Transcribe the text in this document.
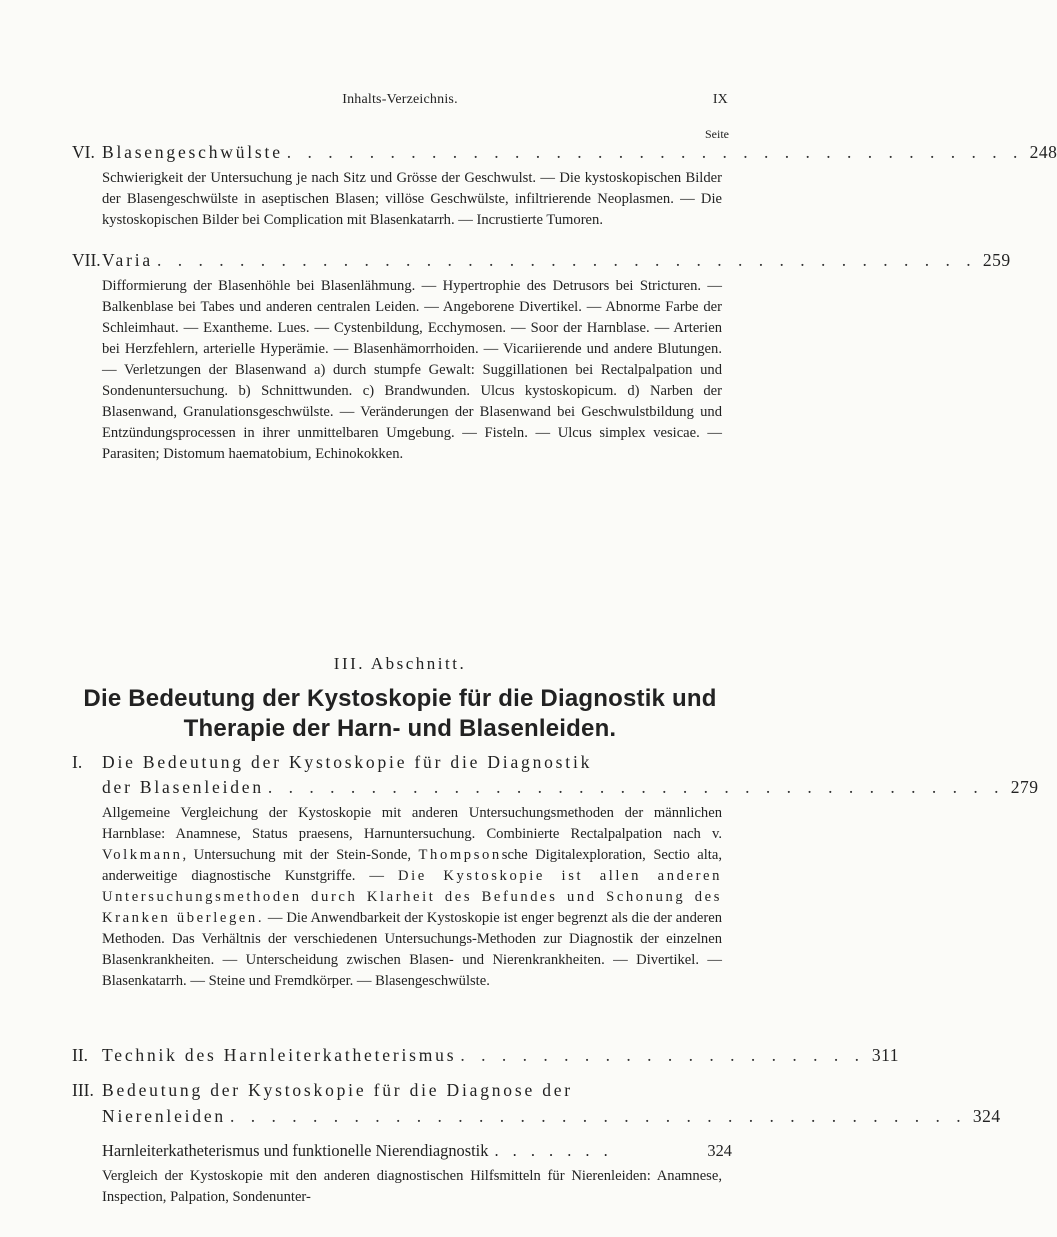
Inhalts-Verzeichnis.	IX
Seite
VI. Blasengeschwülste . . . . . . . . . . . . . . . . . . . . . . . . . . . . . . . . . . . . 248

Schwierigkeit der Untersuchung je nach Sitz und Grösse der Geschwulst. — Die kystoskopischen Bilder der Blasengeschwülste in aseptischen Blasen; villöse Geschwülste, infiltrierende Neoplasmen. — Die kystoskopischen Bilder bei Complication mit Blasenkatarrh. — Incrustierte Tumoren.

VII. Varia . . . . . . . . . . . . . . . . . . . . . . . . . . . . . . . . . . . . . . . . 259

Difformierung der Blasenhöhle bei Blasenlähmung. — Hypertrophie des Detrusors bei Stricturen. — Balkenblase bei Tabes und anderen centralen Leiden. — Angeborene Divertikel. — Abnorme Farbe der Schleimhaut. — Exantheme. Lues. — Cystenbildung, Ecchymosen. — Soor der Harnblase. — Arterien bei Herzfehlern, arterielle Hyperämie. — Blasenhämorrhoiden. — Vicariierende und andere Blutungen. — Verletzungen der Blasenwand a) durch stumpfe Gewalt: Suggillationen bei Rectalpalpation und Sondenuntersuchung. b) Schnittwunden. c) Brandwunden. Ulcus kystoskopicum. d) Narben der Blasenwand, Granulationsgeschwülste. — Veränderungen der Blasenwand bei Geschwulstbildung und Entzündungsprocessen in ihrer unmittelbaren Umgebung. — Fisteln. — Ulcus simplex vesicae. — Parasiten; Distomum haematobium, Echinokokken.

III. Abschnitt.
Die Bedeutung der Kystoskopie für die Diagnostik und
Therapie der Harn- und Blasenleiden.
I.	Die Bedeutung der Kystoskopie für die Diagnostik
der Blasenleiden . . . . . . . . . . . . . . . . . . . . . . . . . . . . . . . . . . . . 279

Allgemeine Vergleichung der Kystoskopie mit anderen Untersuchungsmethoden der männlichen Harnblase: Anamnese, Status praesens, Harnuntersuchung. Combinierte Rectalpalpation nach v. Volkmann, Untersuchung mit der Stein-Sonde, Thompsonsche Digitalexploration, Sectio alta, anderweitige diagnostische Kunstgriffe. — Die Kystoskopie ist allen anderen Untersuchungsmethoden durch Klarheit des Befundes und Schonung des Kranken überlegen. — Die Anwendbarkeit der Kystoskopie ist enger begrenzt als die der anderen Methoden. Das Verhältnis der verschiedenen Untersuchungs-Methoden zur Diagnostik der einzelnen Blasenkrankheiten. — Unterscheidung zwischen Blasen- und Nierenkrankheiten. — Divertikel. — Blasenkatarrh. — Steine und Fremdkörper. — Blasengeschwülste.

II. Technik des Harnleiterkatheterismus . . . . . . . . . . . . . . . . . . . . 311
III. Bedeutung der Kystoskopie für die Diagnose der
Nierenleiden . . . . . . . . . . . . . . . . . . . . . . . . . . . . . . . . . . . . 324
Harnleiterkatheterismus und funktionelle Nierendiagnostik . . . . . . .	324

Vergleich der Kystoskopie mit den anderen diagnostischen Hilfsmitteln für Nierenleiden: Anamnese, Inspection, Palpation, Sondenunter-
